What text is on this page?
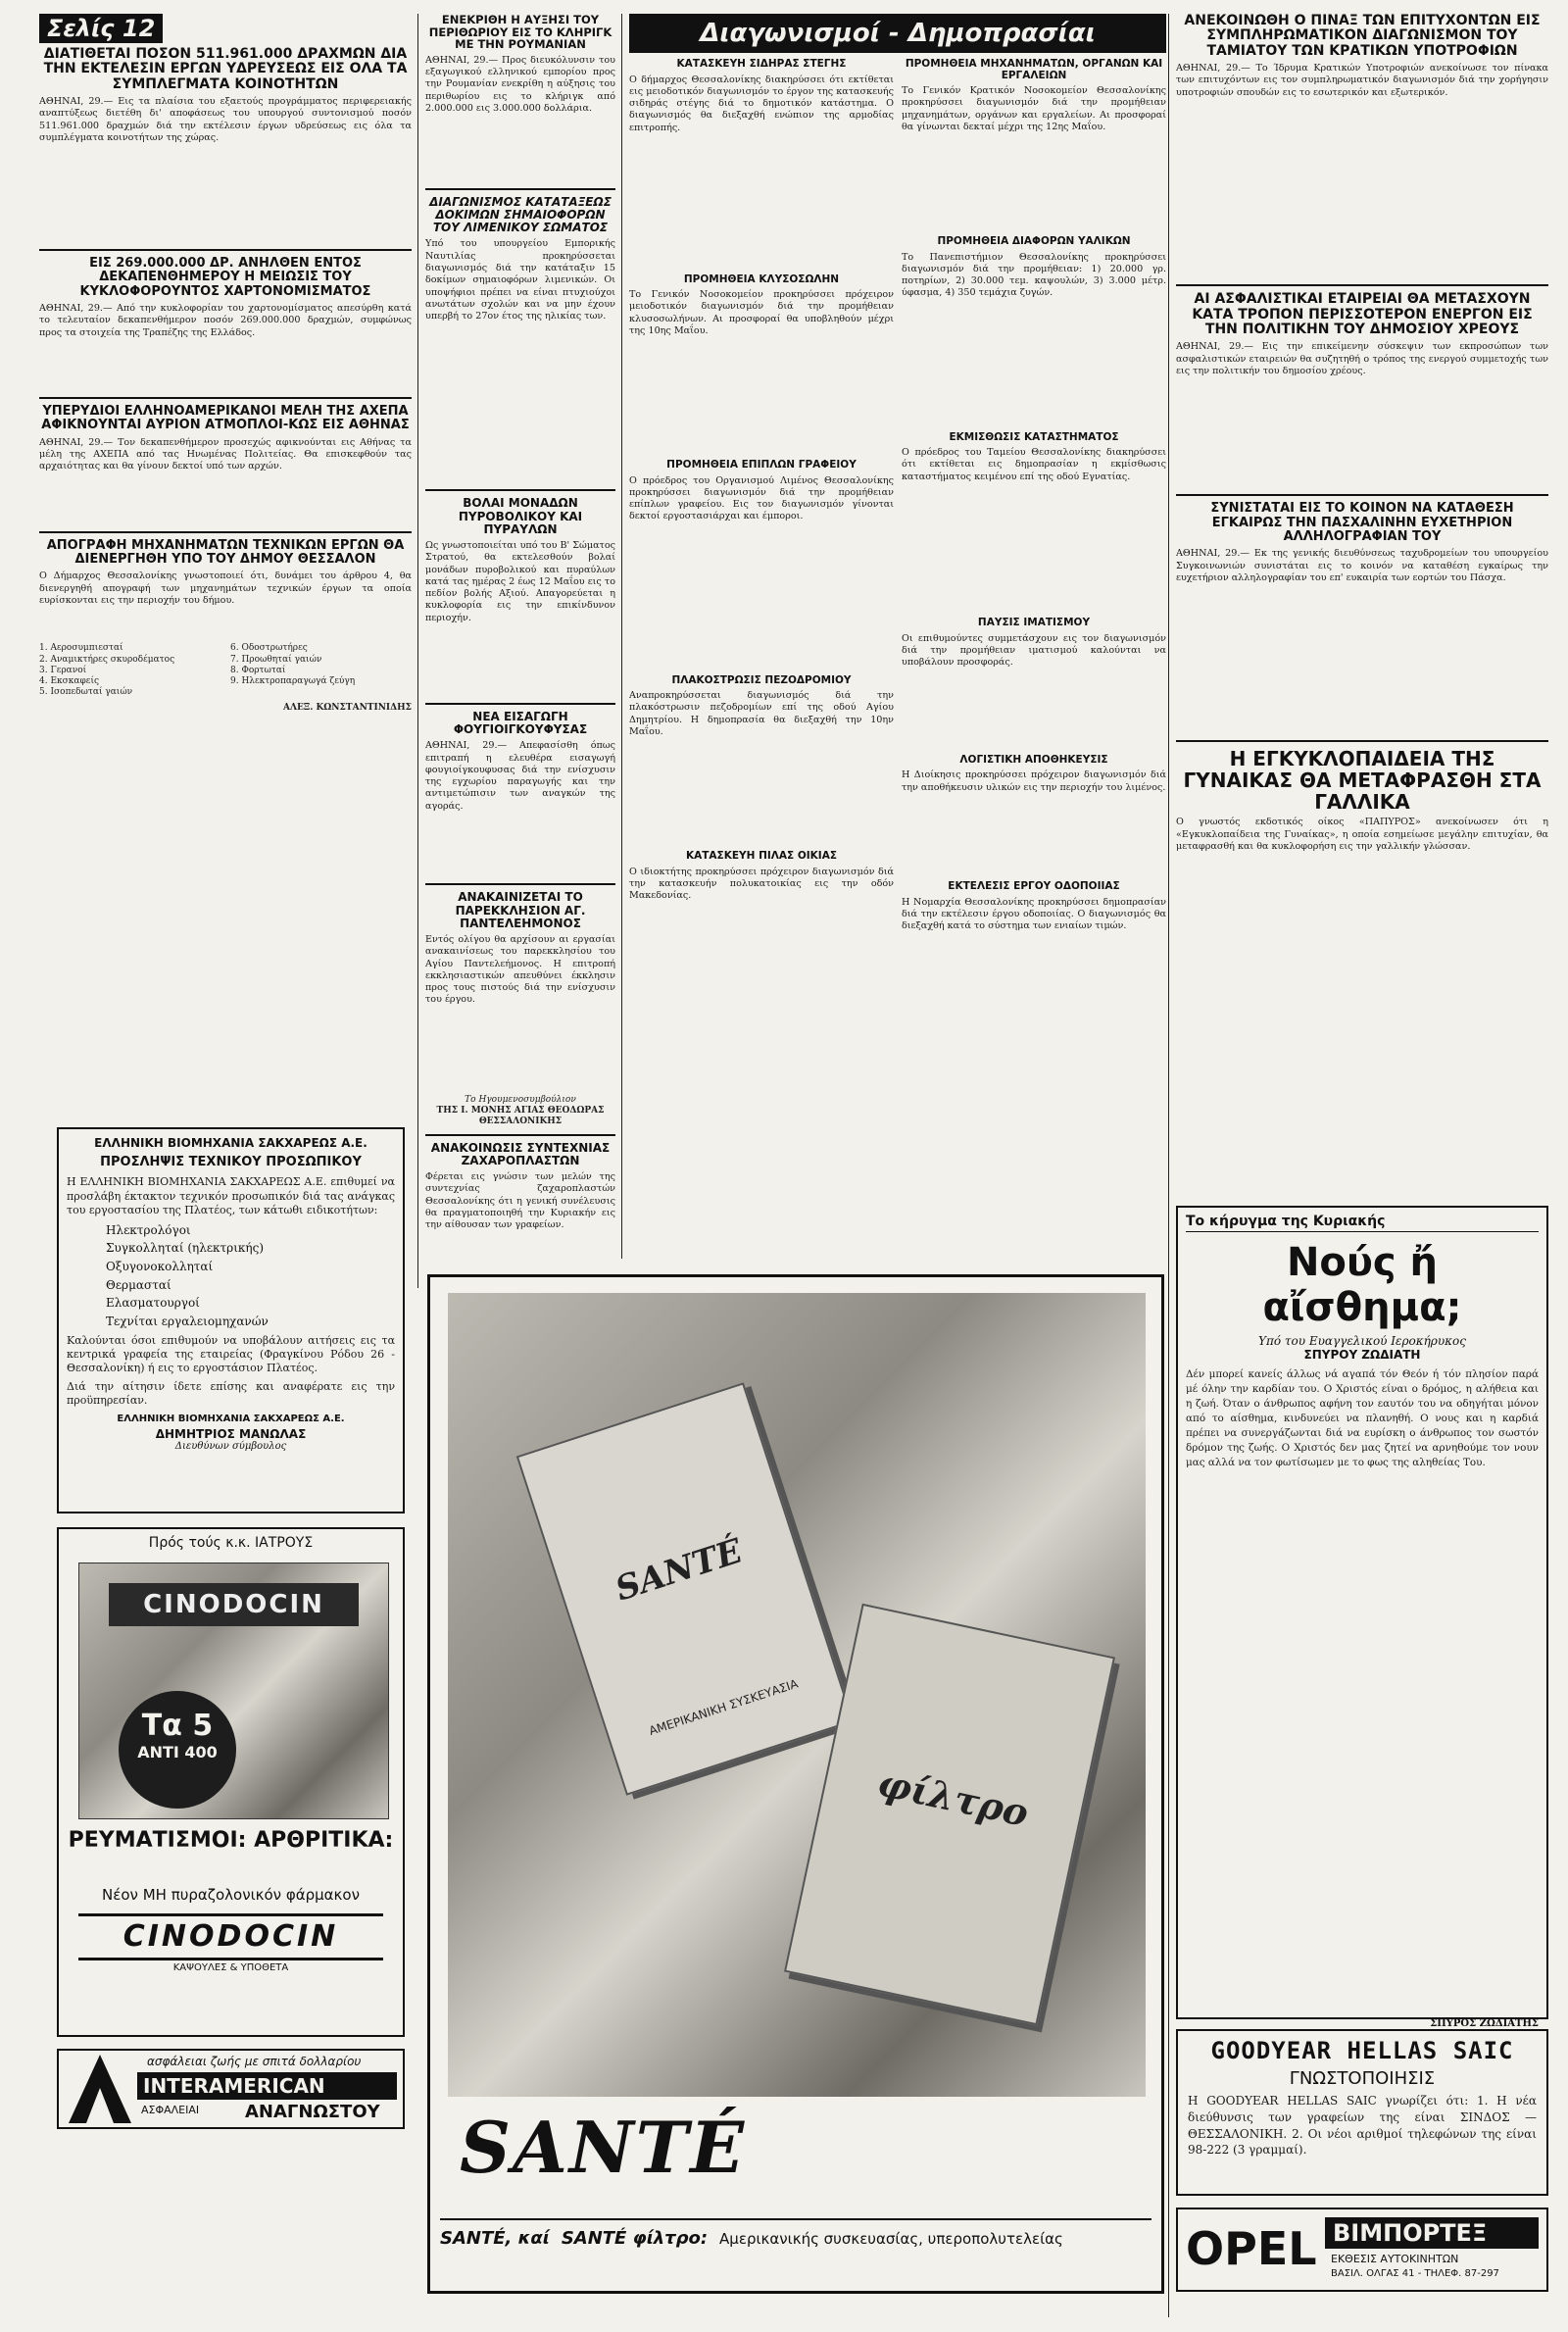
Σελίς 12
ΔΙΑΤΙΘΕΤΑΙ ΠΟΣΟΝ 511.961.000 ΔΡΑΧΜΩΝ ΔΙΑ ΤΗΝ ΕΚΤΕΛΕΣΙΝ ΕΡΓΩΝ ΥΔΡΕΥΣΕΩΣ ΕΙΣ ΟΛΑ ΤΑ ΣΥΜΠΛΕΓΜΑΤΑ ΚΟΙΝΟΤΗΤΩΝ
ΑΘΗΝΑΙ, 29.— Εις τα πλαίσια του εξαετούς προγράμματος περιφερειακής αναπτύξεως διετέθη δι' αποφάσεως του υπουργού συντονισμού ποσόν 511.961.000 δραχμών διά την εκτέλεσιν έργων υδρεύσεως εις όλα τα συμπλέγματα κοινοτήτων της χώρας.
ΕΙΣ 269.000.000 ΔΡ. ΑΝΗΛΘΕΝ ΕΝΤΟΣ ΔΕΚΑΠΕΝΘΗΜΕΡΟΥ Η ΜΕΙΩΣΙΣ ΤΟΥ ΚΥΚΛΟΦΟΡΟΥΝΤΟΣ ΧΑΡΤΟΝΟΜΙΣΜΑΤΟΣ
ΑΘΗΝΑΙ, 29.— Από την κυκλοφορίαν του χαρτονομίσματος απεσύρθη κατά το τελευταίον δεκαπενθήμερον ποσόν 269.000.000 δραχμών, συμφώνως προς τα στοιχεία της Τραπέζης της Ελλάδος.
ΥΠΕΡΥΔΙΟΙ ΕΛΛΗΝΟΑΜΕΡΙΚΑΝΟΙ ΜΕΛΗ ΤΗΣ ΑΧΕΠΑ ΑΦΙΚΝΟΥΝΤΑΙ ΑΥΡΙΟΝ ΑΤΜΟΠΛΟΙ-ΚΩΣ ΕΙΣ ΑΘΗΝΑΣ
ΑΘΗΝΑΙ, 29.— Τον δεκαπενθήμερον προσεχώς αφικνούνται εις Αθήνας τα μέλη της ΑΧΕΠΑ από τας Ηνωμένας Πολιτείας. Θα επισκεφθούν τας αρχαιότητας και θα γίνουν δεκτοί υπό των αρχών.
ΑΠΟΓΡΑΦΗ ΜΗΧΑΝΗΜΑΤΩΝ ΤΕΧΝΙΚΩΝ ΕΡΓΩΝ ΘΑ ΔΙΕΝΕΡΓΗΘΗ ΥΠΟ ΤΟΥ ΔΗΜΟΥ ΘΕΣΣΑΛΟΝ
Ο Δήμαρχος Θεσσαλονίκης γνωστοποιεί ότι, δυνάμει του άρθρου 4, θα διενεργηθή απογραφή των μηχανημάτων τεχνικών έργων τα οποία ευρίσκονται εις την περιοχήν του δήμου.
1. Αεροσυμπιεσταί	6. Οδοστρωτήρες
2. Αναμικτήρες σκυροδέματος	7. Προωθηταί γαιών
3. Γερανοί	8. Φορτωταί
4. Εκσκαφείς	9. Ηλεκτροπαραγωγά ζεύγη
5. Ισοπεδωταί γαιών
ΑΛΕΞ. ΚΩΝΣΤΑΝΤΙΝΙΔΗΣ
ΕΛΛΗΝΙΚΗ ΒΙΟΜΗΧΑΝΙΑ ΣΑΚΧΑΡΕΩΣ Α.Ε.
ΠΡΟΣΛΗΨΙΣ ΤΕΧΝΙΚΟΥ ΠΡΟΣΩΠΙΚΟΥ
Η ΕΛΛΗΝΙΚΗ ΒΙΟΜΗΧΑΝΙΑ ΣΑΚΧΑΡΕΩΣ Α.Ε. επιθυμεί να προσλάβη έκτακτον τεχνικόν προσωπικόν διά τας ανάγκας του εργοστασίου της Πλατέος, των κάτωθι ειδικοτήτων:
Ηλεκτρολόγοι
Συγκολληταί (ηλεκτρικής)
Οξυγονοκολληταί
Θερμασταί
Ελασματουργοί
Τεχνίται εργαλειομηχανών
Καλούνται όσοι επιθυμούν να υποβάλουν αιτήσεις εις τα κεντρικά γραφεία της εταιρείας (Φραγκίνου Ρόδου 26 - Θεσσαλονίκη) ή εις το εργοστάσιον Πλατέος.
Διά την αίτησιν ίδετε επίσης και αναφέρατε εις την προϋπηρεσίαν.
ΕΛΛΗΝΙΚΗ ΒΙΟΜΗΧΑΝΙΑ ΣΑΚΧΑΡΕΩΣ Α.Ε.
ΔΗΜΗΤΡΙΟΣ ΜΑΝΩΛΑΣ
Διευθύνων σύμβουλος
Πρός τούς κ.κ. ΙΑΤΡΟΥΣ
CINODOCIN
Τα 5
ΑΝΤΙ 400
ΡΕΥΜΑΤΙΣΜΟΙ: ΑΡΘΡΙΤΙΚΑ:
Νέον ΜΗ πυραζολονικόν φάρμακον
CINODOCIN
ΚΑΨΟΥΛΕΣ & ΥΠΟΘΕΤΑ
ασφάλειαι ζωής με σπιτά δολλαρίου
INTERAMERICAN
ΑΣΦΑΛΕΙΑΙ	ΑΝΑΓΝΩΣΤΟΥ
ΕΝΕΚΡΙΘΗ Η ΑΥΞΗΣΙ ΤΟΥ ΠΕΡΙΘΩΡΙΟΥ ΕΙΣ ΤΟ ΚΛΗΡΙΓΚ ΜΕ ΤΗΝ ΡΟΥΜΑΝΙΑΝ
ΑΘΗΝΑΙ, 29.— Προς διευκόλυνσιν του εξαγωγικού ελληνικού εμπορίου προς την Ρουμανίαν ενεκρίθη η αύξησις του περιθωρίου εις το κλήριγκ από 2.000.000 εις 3.000.000 δολλάρια.
ΔΙΑΓΩΝΙΣΜΟΣ ΚΑΤΑΤΑΞΕΩΣ ΔΟΚΙΜΩΝ ΣΗΜΑΙΟΦΟΡΩΝ ΤΟΥ ΛΙΜΕΝΙΚΟΥ ΣΩΜΑΤΟΣ
Υπό του υπουργείου Εμπορικής Ναυτιλίας προκηρύσσεται διαγωνισμός διά την κατάταξιν 15 δοκίμων σημαιοφόρων λιμενικών. Οι υποψήφιοι πρέπει να είναι πτυχιούχοι ανωτάτων σχολών και να μην έχουν υπερβή το 27ον έτος της ηλικίας των.
ΒΟΛΑΙ ΜΟΝΑΔΩΝ ΠΥΡΟΒΟΛΙΚΟΥ ΚΑΙ ΠΥΡΑΥΛΩΝ
Ως γνωστοποιείται υπό του Β' Σώματος Στρατού, θα εκτελεσθούν βολαί μονάδων πυροβολικού και πυραύλων κατά τας ημέρας 2 έως 12 Μαΐου εις το πεδίον βολής Αξιού. Απαγορεύεται η κυκλοφορία εις την επικίνδυνον περιοχήν.
ΝΕΑ ΕΙΣΑΓΩΓΗ ΦΟΥΓΙΟΙΓΚΟΥΦΥΣΑΣ
ΑΘΗΝΑΙ, 29.— Απεφασίσθη όπως επιτραπή η ελευθέρα εισαγωγή φουγιοίγκουφυσας διά την ενίσχυσιν της εγχωρίου παραγωγής και την αντιμετώπισιν των αναγκών της αγοράς.
ΑΝΑΚΑΙΝΙΖΕΤΑΙ ΤΟ ΠΑΡΕΚΚΛΗΣΙΟΝ ΑΓ. ΠΑΝΤΕΛΕΗΜΟΝΟΣ
Εντός ολίγου θα αρχίσουν αι εργασίαι ανακαινίσεως του παρεκκλησίου του Αγίου Παντελεήμονος. Η επιτροπή εκκλησιαστικών απευθύνει έκκλησιν προς τους πιστούς διά την ενίσχυσιν του έργου.
Το Ηγουμενοσυμβούλιον
ΤΗΣ Ι. ΜΟΝΗΣ ΑΓΙΑΣ ΘΕΟΔΩΡΑΣ ΘΕΣΣΑΛΟΝΙΚΗΣ
ΑΝΑΚΟΙΝΩΣΙΣ ΣΥΝΤΕΧΝΙΑΣ ΖΑΧΑΡΟΠΛΑΣΤΩΝ
Φέρεται εις γνώσιν των μελών της συντεχνίας ζαχαροπλαστών Θεσσαλονίκης ότι η γενική συνέλευσις θα πραγματοποιηθή την Κυριακήν εις την αίθουσαν των γραφείων.
Διαγωνισμοί - Δημοπρασίαι
ΚΑΤΑΣΚΕΥΗ ΣΙΔΗΡΑΣ ΣΤΕΓΗΣ
Ο δήμαρχος Θεσσαλονίκης διακηρύσσει ότι εκτίθεται εις μειοδοτικόν διαγωνισμόν το έργον της κατασκευής σιδηράς στέγης διά το δημοτικόν κατάστημα. Ο διαγωνισμός θα διεξαχθή ενώπιον της αρμοδίας επιτροπής.
ΠΡΟΜΗΘΕΙΑ ΚΛΥΣΟΣΩΛΗΝ
Το Γενικόν Νοσοκομείον προκηρύσσει πρόχειρον μειοδοτικόν διαγωνισμόν διά την προμήθειαν κλυσοσωλήνων. Αι προσφοραί θα υποβληθούν μέχρι της 10ης Μαΐου.
ΠΡΟΜΗΘΕΙΑ ΕΠΙΠΛΩΝ ΓΡΑΦΕΙΟΥ
Ο πρόεδρος του Οργανισμού Λιμένος Θεσσαλονίκης προκηρύσσει διαγωνισμόν διά την προμήθειαν επίπλων γραφείου. Εις τον διαγωνισμόν γίνονται δεκτοί εργοστασιάρχαι και έμποροι.
ΠΛΑΚΟΣΤΡΩΣΙΣ ΠΕΖΟΔΡΟΜΙΟΥ
Αναπροκηρύσσεται διαγωνισμός διά την πλακόστρωσιν πεζοδρομίων επί της οδού Αγίου Δημητρίου. Η δημοπρασία θα διεξαχθή την 10ην Μαΐου.
ΚΑΤΑΣΚΕΥΗ ΠΙΛΑΣ ΟΙΚΙΑΣ
Ο ιδιοκτήτης προκηρύσσει πρόχειρον διαγωνισμόν διά την κατασκευήν πολυκατοικίας εις την οδόν Μακεδονίας.
ΠΡΟΜΗΘΕΙΑ ΜΗΧΑΝΗΜΑΤΩΝ, ΟΡΓΑΝΩΝ ΚΑΙ ΕΡΓΑΛΕΙΩΝ
Το Γενικόν Κρατικόν Νοσοκομείον Θεσσαλονίκης προκηρύσσει διαγωνισμόν διά την προμήθειαν μηχανημάτων, οργάνων και εργαλείων. Αι προσφοραί θα γίνωνται δεκταί μέχρι της 12ης Μαΐου.
ΠΡΟΜΗΘΕΙΑ ΔΙΑΦΟΡΩΝ ΥΑΛΙΚΩΝ
Το Πανεπιστήμιον Θεσσαλονίκης προκηρύσσει διαγωνισμόν διά την προμήθειαν: 1) 20.000 γρ. ποτηρίων, 2) 30.000 τεμ. καψουλών, 3) 3.000 μέτρ. ύφασμα, 4) 350 τεμάχια ζυγών.
ΕΚΜΙΣΘΩΣΙΣ ΚΑΤΑΣΤΗΜΑΤΟΣ
Ο πρόεδρος του Ταμείου Θεσσαλονίκης διακηρύσσει ότι εκτίθεται εις δημοπρασίαν η εκμίσθωσις καταστήματος κειμένου επί της οδού Εγνατίας.
ΠΑΥΣΙΣ ΙΜΑΤΙΣΜΟΥ
Οι επιθυμούντες συμμετάσχουν εις τον διαγωνισμόν διά την προμήθειαν ιματισμού καλούνται να υποβάλουν προσφοράς.
ΛΟΓΙΣΤΙΚΗ ΑΠΟΘΗΚΕΥΣΙΣ
Η Διοίκησις προκηρύσσει πρόχειρον διαγωνισμόν διά την αποθήκευσιν υλικών εις την περιοχήν του λιμένος.
ΕΚΤΕΛΕΣΙΣ ΕΡΓΟΥ ΟΔΟΠΟΙΙΑΣ
Η Νομαρχία Θεσσαλονίκης προκηρύσσει δημοπρασίαν διά την εκτέλεσιν έργου οδοποιίας. Ο διαγωνισμός θα διεξαχθή κατά το σύστημα των ενιαίων τιμών.
SANTÉ
ΑΜΕΡΙΚΑΝΙΚΗ ΣΥΣΚΕΥΑΣΙΑ
φίλτρο
SANTÉ
SANTÉ, καί SANTÉ φίλτρο: Αμερικανικής συσκευασίας, υπεροπολυτελείας
ΑΝΕΚΟΙΝΩΘΗ Ο ΠΙΝΑΞ ΤΩΝ ΕΠΙΤΥΧΟΝΤΩΝ ΕΙΣ ΣΥΜΠΛΗΡΩΜΑΤΙΚΟΝ ΔΙΑΓΩΝΙΣΜΟΝ ΤΟΥ ΤΑΜΙΑΤΟΥ ΤΩΝ ΚΡΑΤΙΚΩΝ ΥΠΟΤΡΟΦΙΩΝ
ΑΘΗΝΑΙ, 29.— Το Ίδρυμα Κρατικών Υποτροφιών ανεκοίνωσε τον πίνακα των επιτυχόντων εις τον συμπληρωματικόν διαγωνισμόν διά την χορήγησιν υποτροφιών σπουδών εις το εσωτερικόν και εξωτερικόν.
ΑΙ ΑΣΦΑΛΙΣΤΙΚΑΙ ΕΤΑΙΡΕΙΑΙ ΘΑ ΜΕΤΑΣΧΟΥΝ ΚΑΤΑ ΤΡΟΠΟΝ ΠΕΡΙΣΣΟΤΕΡΟΝ ΕΝΕΡΓΟΝ ΕΙΣ ΤΗΝ ΠΟΛΙΤΙΚΗΝ ΤΟΥ ΔΗΜΟΣΙΟΥ ΧΡΕΟΥΣ
ΑΘΗΝΑΙ, 29.— Εις την επικείμενην σύσκεψιν των εκπροσώπων των ασφαλιστικών εταιρειών θα συζητηθή ο τρόπος της ενεργού συμμετοχής των εις την πολιτικήν του δημοσίου χρέους.
ΣΥΝΙΣΤΑΤΑΙ ΕΙΣ ΤΟ ΚΟΙΝΟΝ ΝΑ ΚΑΤΑΘΕΣΗ ΕΓΚΑΙΡΩΣ ΤΗΝ ΠΑΣΧΑΛΙΝΗΝ ΕΥΧΕΤΗΡΙΟΝ ΑΛΛΗΛΟΓΡΑΦΙΑΝ ΤΟΥ
ΑΘΗΝΑΙ, 29.— Εκ της γενικής διευθύνσεως ταχυδρομείων του υπουργείου Συγκοινωνιών συνιστάται εις το κοινόν να καταθέση εγκαίρως την ευχετήριον αλληλογραφίαν του επ' ευκαιρία των εορτών του Πάσχα.
Η ΕΓΚΥΚΛΟΠΑΙΔΕΙΑ ΤΗΣ ΓΥΝΑΙΚΑΣ ΘΑ ΜΕΤΑΦΡΑΣΘΗ ΣΤΑ ΓΑΛΛΙΚΑ
Ο γνωστός εκδοτικός οίκος «ΠΑΠΥΡΟΣ» ανεκοίνωσεν ότι η «Εγκυκλοπαίδεια της Γυναίκας», η οποία εσημείωσε μεγάλην επιτυχίαν, θα μεταφρασθή και θα κυκλοφορήση εις την γαλλικήν γλώσσαν.
Το κήρυγμα της Κυριακής
Νούς ἤ αἴσθημα;
Υπό του Ευαγγελικού Ιεροκήρυκος
ΣΠΥΡΟΥ ΖΩΔΙΑΤΗ
Δέν μπορεί κανείς άλλως νά αγαπά τόν Θεόν ή τόν πλησίον παρά μέ όλην την καρδίαν του. Ο Χριστός είναι ο δρόμος, η αλήθεια και η ζωή. Όταν ο άνθρωπος αφήνη τον εαυτόν του να οδηγήται μόνον από το αίσθημα, κινδυνεύει να πλανηθή. Ο νους και η καρδιά πρέπει να συνεργάζωνται διά να ευρίσκη ο άνθρωπος τον σωστόν δρόμον της ζωής. Ο Χριστός δεν μας ζητεί να αρνηθούμε τον νουν μας αλλά να τον φωτίσωμεν με το φως της αληθείας Του.
ΣΠΥΡΟΣ ΖΩΔΙΑΤΗΣ
GOODYEAR HELLAS SAIC
ΓΝΩΣΤΟΠΟΙΗΣΙΣ
Η GOODYEAR HELLAS SAIC γνωρίζει ότι: 1. Η νέα διεύθυνσις των γραφείων της είναι ΣΙΝΔΟΣ — ΘΕΣΣΑΛΟΝΙΚΗ. 2. Οι νέοι αριθμοί τηλεφώνων της είναι 98-222 (3 γραμμαί).
OPEL ΒΙΜΠΟΡΤΕΞ
ΕΚΘΕΣΙΣ ΑΥΤΟΚΙΝΗΤΩΝ
ΒΑΣΙΛ. ΟΛΓΑΣ 41 - ΤΗΛΕΦ. 87-297
